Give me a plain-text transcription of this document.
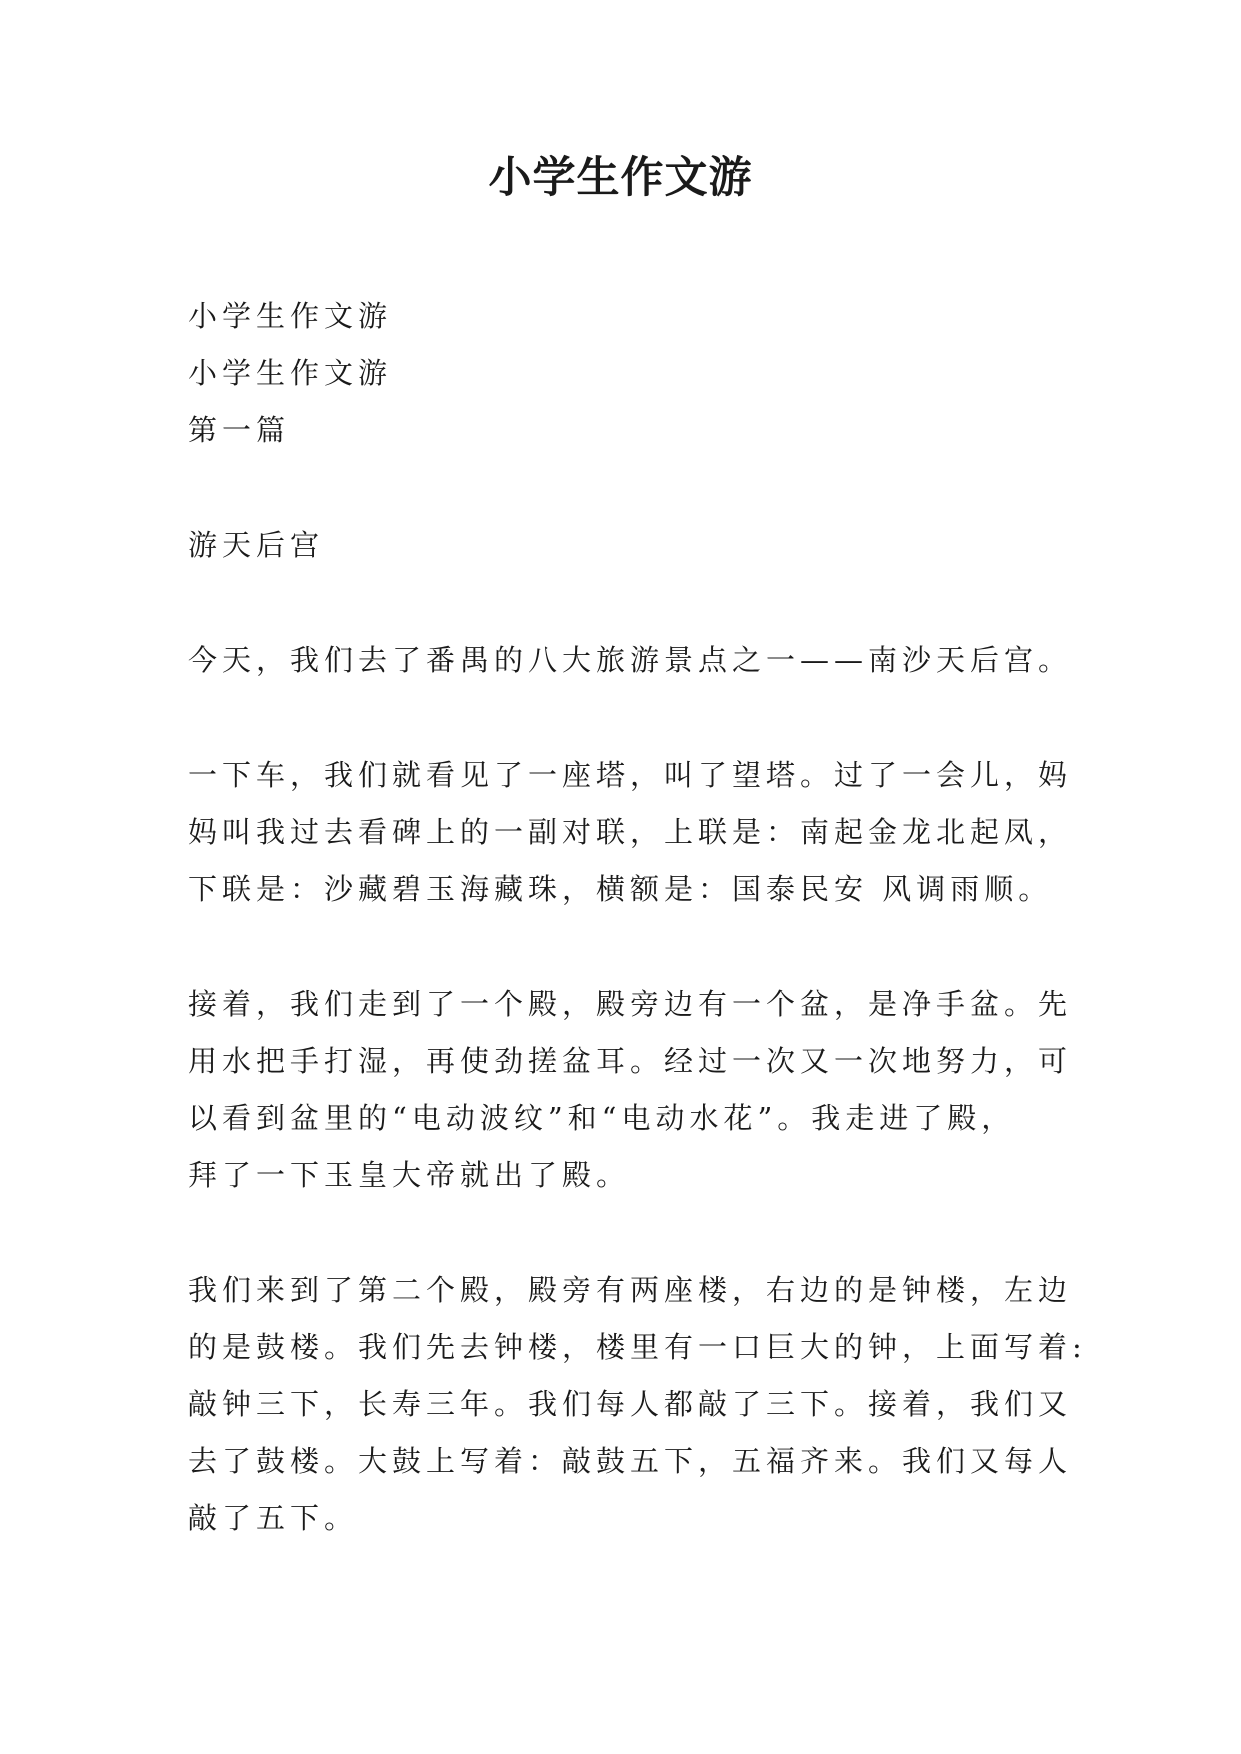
小学生作文游

小学生作文游

小学生作文游

第一篇

游天后宫

今天，我们去了番禺的八大旅游景点之一——南沙天后宫。

一下车，我们就看见了一座塔，叫了望塔。过了一会儿，妈

妈叫我过去看碑上的一副对联，上联是：南起金龙北起凤，

下联是：沙藏碧玉海藏珠，横额是：国泰民安 风调雨顺。

接着，我们走到了一个殿，殿旁边有一个盆，是净手盆。先

用水把手打湿，再使劲搓盆耳。经过一次又一次地努力，可

以看到盆里的“电动波纹”和“电动水花”。我走进了殿，

拜了一下玉皇大帝就出了殿。

我们来到了第二个殿，殿旁有两座楼，右边的是钟楼，左边

的是鼓楼。我们先去钟楼，楼里有一口巨大的钟，上面写着:

敲钟三下，长寿三年。我们每人都敲了三下。接着，我们又

去了鼓楼。大鼓上写着：敲鼓五下，五福齐来。我们又每人

敲了五下。
